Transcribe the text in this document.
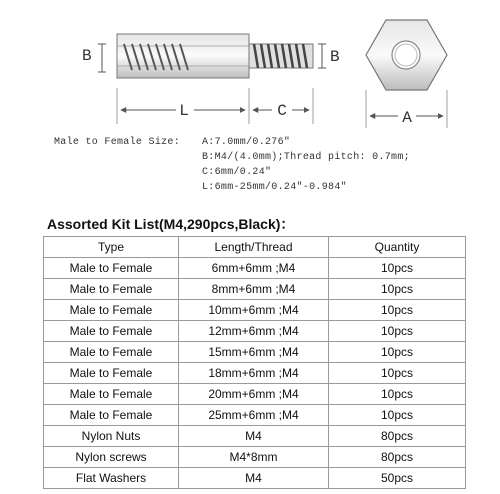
B	B
L	C	A
Male to Female Size: A:7.0mm/0.276"
B:M4/(4.0mm);Thread pitch: 0.7mm;
C:6mm/0.24"
L:6mm-25mm/0.24"-0.984"
Assorted Kit List(M4,290pcs,Black)：
Type	Length/Thread	Quantity
Male to Female	6mm+6mm ;M4	10pcs
Male to Female	8mm+6mm ;M4	10pcs
Male to Female	10mm+6mm ;M4	10pcs
Male to Female	12mm+6mm ;M4	10pcs
Male to Female	15mm+6mm ;M4	10pcs
Male to Female	18mm+6mm ;M4	10pcs
Male to Female	20mm+6mm ;M4	10pcs
Male to Female	25mm+6mm ;M4	10pcs
Nylon Nuts	M4	80pcs
Nylon screws	M4*8mm	80pcs
Flat Washers	M4	50pcs
